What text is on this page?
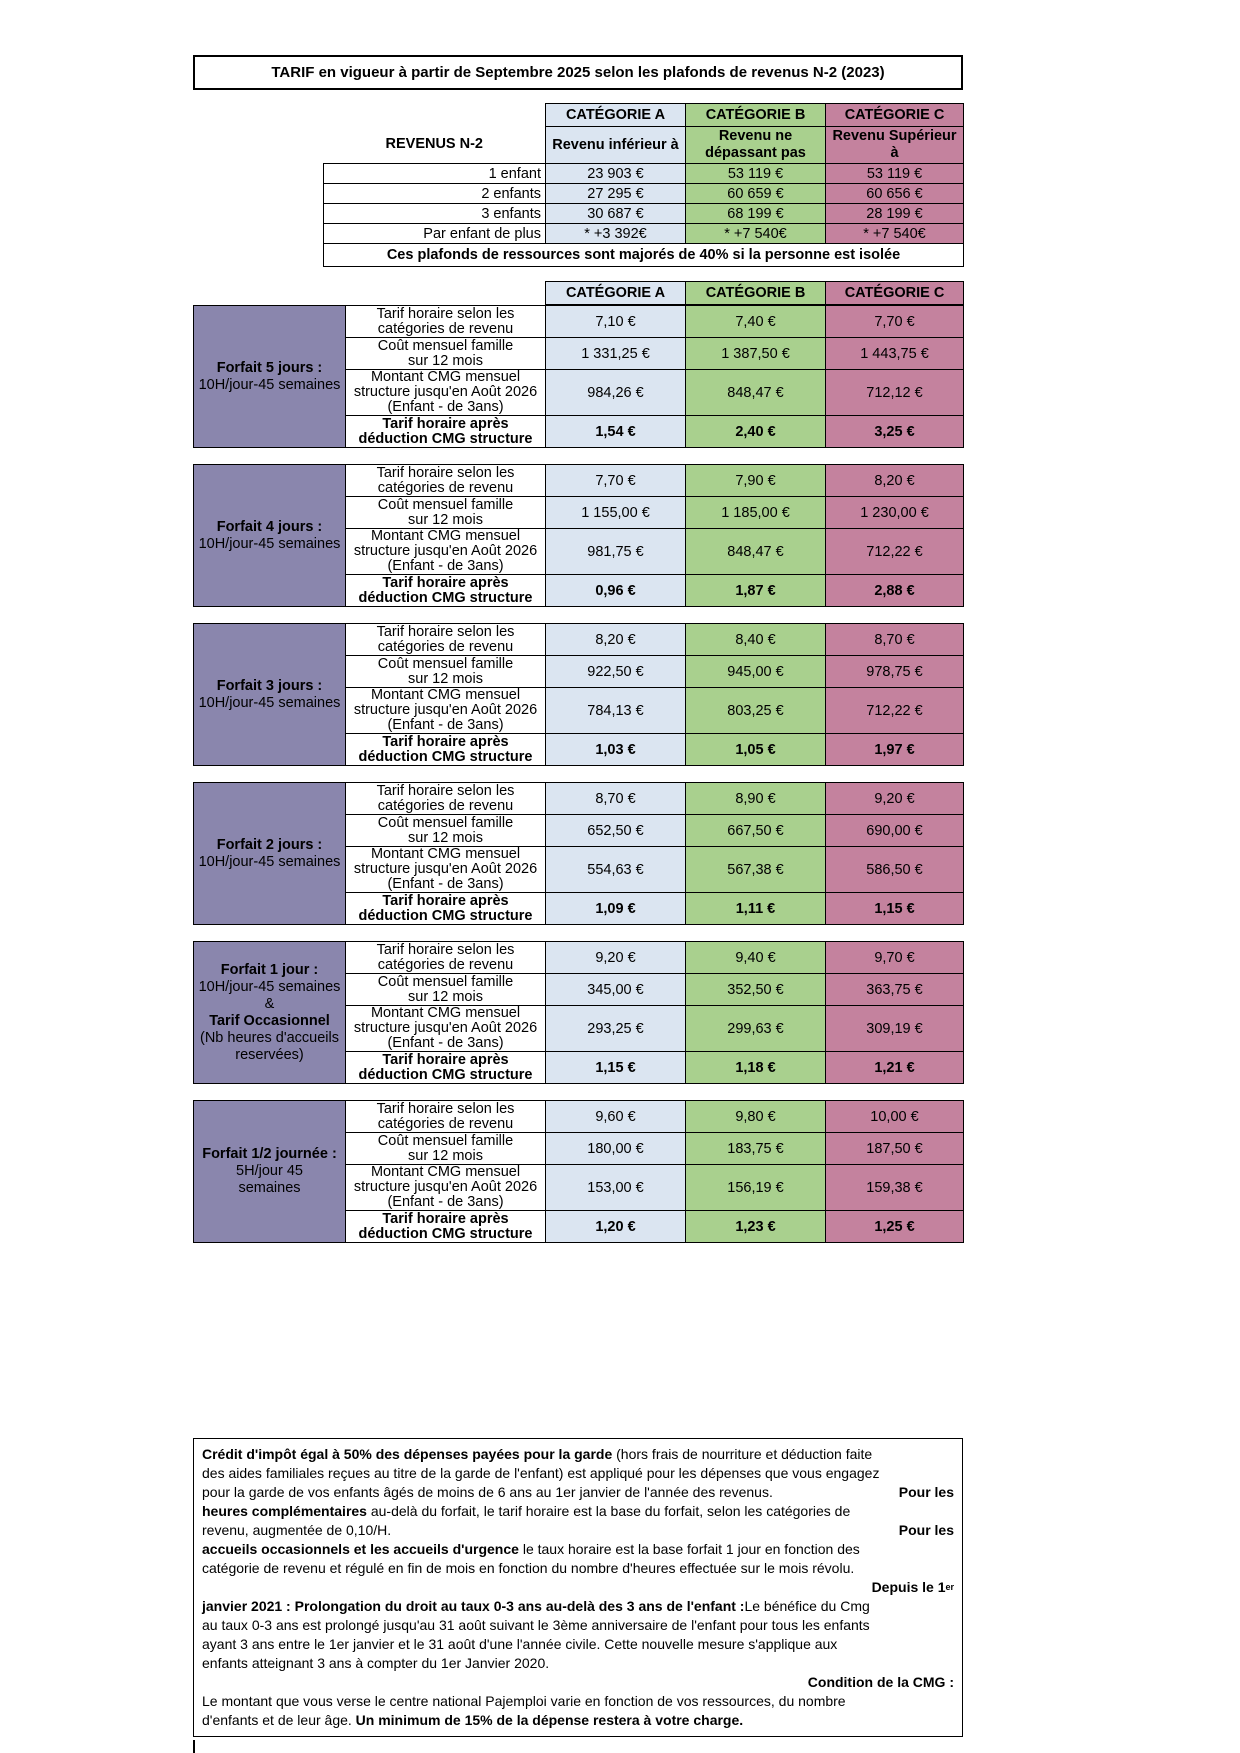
TARIF en vigueur à partir de Septembre 2025 selon les plafonds de revenus N-2 (2023)
	CATÉGORIE A	CATÉGORIE B	CATÉGORIE C
REVENUS N-2	Revenu inférieur à	Revenu ne dépassant pas	Revenu Supérieur à
1 enfant	23 903 €	53 119 €	53 119 €
2 enfants	27 295 €	60 659 €	60 656 €
3 enfants	30 687 €	68 199 €	28 199 €
Par enfant de plus	* +3 392€	* +7 540€	* +7 540€
Ces plafonds de ressources sont majorés de 40% si la personne est isolée			
CATÉGORIE A	CATÉGORIE B	CATÉGORIE C
Forfait 5 jours :
10H/jour-45 semaines
	Tarif horaire selon les
catégories de revenu	7,10 €	7,40 €	7,70 €
	Coût mensuel famille
sur 12 mois	1 331,25 €	1 387,50 €	1 443,75 €
	Montant CMG mensuel
structure jusqu'en Août 2026
(Enfant - de 3ans)	984,26 €	848,47 €	712,12 €
	Tarif horaire après
déduction CMG structure	1,54 €	2,40 €	3,25 €
Forfait 4 jours :
10H/jour-45 semaines
	Tarif horaire selon les
catégories de revenu	7,70 €	7,90 €	8,20 €
	Coût mensuel famille
sur 12 mois	1 155,00 €	1 185,00 €	1 230,00 €
	Montant CMG mensuel
structure jusqu'en Août 2026
(Enfant - de 3ans)	981,75 €	848,47 €	712,22 €
	Tarif horaire après
déduction CMG structure	0,96 €	1,87 €	2,88 €
Forfait 3 jours :
10H/jour-45 semaines
	Tarif horaire selon les
catégories de revenu	8,20 €	8,40 €	8,70 €
	Coût mensuel famille
sur 12 mois	922,50 €	945,00 €	978,75 €
	Montant CMG mensuel
structure jusqu'en Août 2026
(Enfant - de 3ans)	784,13 €	803,25 €	712,22 €
	Tarif horaire après
déduction CMG structure	1,03 €	1,05 €	1,97 €
Forfait 2 jours :
10H/jour-45 semaines
	Tarif horaire selon les
catégories de revenu	8,70 €	8,90 €	9,20 €
	Coût mensuel famille
sur 12 mois	652,50 €	667,50 €	690,00 €
	Montant CMG mensuel
structure jusqu'en Août 2026
(Enfant - de 3ans)	554,63 €	567,38 €	586,50 €
	Tarif horaire après
déduction CMG structure	1,09 €	1,11 €	1,15 €
Forfait 1 jour :
10H/jour-45 semaines
&
Tarif Occasionnel
(Nb heures d'accueils
reservées)
	Tarif horaire selon les
catégories de revenu	9,20 €	9,40 €	9,70 €
	Coût mensuel famille
sur 12 mois	345,00 €	352,50 €	363,75 €
	Montant CMG mensuel
structure jusqu'en Août 2026
(Enfant - de 3ans)	293,25 €	299,63 €	309,19 €
	Tarif horaire après
déduction CMG structure	1,15 €	1,18 €	1,21 €
Forfait 1/2 journée :
5H/jour 45
semaines
	Tarif horaire selon les
catégories de revenu	9,60 €	9,80 €	10,00 €
	Coût mensuel famille
sur 12 mois	180,00 €	183,75 €	187,50 €
	Montant CMG mensuel
structure jusqu'en Août 2026
(Enfant - de 3ans)	153,00 €	156,19 €	159,38 €
	Tarif horaire après
déduction CMG structure	1,20 €	1,23 €	1,25 €
Crédit d'impôt égal à 50% des dépenses payées pour la garde (hors frais de nourriture et déduction faite
des aides familiales reçues au titre de la garde de l'enfant) est appliqué pour les dépenses que vous engagez
pour la garde de vos enfants âgés de moins de 6 ans au 1er janvier de l'année des revenus.	Pour les
heures complémentaires au-delà du forfait, le tarif horaire est la base du forfait, selon les catégories de
revenu, augmentée de 0,10/H.	Pour les
accueils occasionnels et les accueils d'urgence le taux horaire est la base forfait 1 jour en fonction des
catégorie de revenu et régulé en fin de mois en fonction du nombre d'heures effectuée sur le mois révolu.
Depuis le 1 er
janvier 2021 : Prolongation du droit au taux 0-3 ans au-delà des 3 ans de l'enfant :Le bénéfice du Cmg
au taux 0-3 ans est prolongé jusqu'au 31 août suivant le 3ème anniversaire de l'enfant pour tous les enfants
ayant 3 ans entre le 1er janvier et le 31 août d'une l'année civile. Cette nouvelle mesure s'applique aux
enfants atteignant 3 ans à compter du 1er Janvier 2020.
Condition de la CMG :
Le montant que vous verse le centre national Pajemploi varie en fonction de vos ressources, du nombre
d'enfants et de leur âge. Un minimum de 15% de la dépense restera à votre charge.
